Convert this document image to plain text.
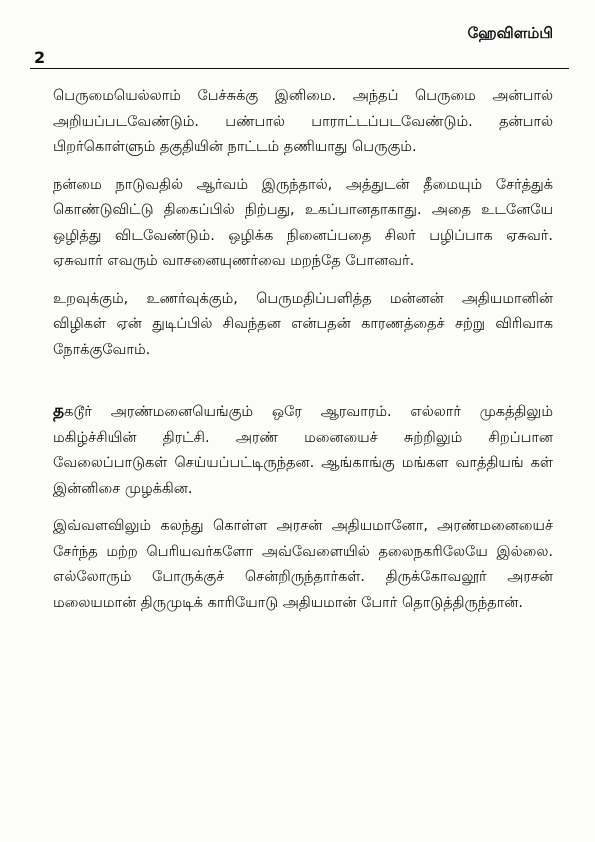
2
ஹேவிளம்பி

பெருமையெல்லாம் பேச்சுக்கு இனிமை. அந்தப் பெருமை அன்பால் அறியப்படவேண்டும். பண்பால் பாராட்டப்படவேண்டும். தன்பால் பிறர்கொள்ளும் தகுதியின் நாட்டம் தணியாது பெருகும்.

நன்மை நாடுவதில் ஆர்வம் இருந்தால், அத்துடன் தீமையும் சேர்த்துக் கொண்டுவிட்டு திகைப்பில் நிற்பது, உகப்பானதாகாது. அதை உடனேயே ஒழித்து விடவேண்டும். ஒழிக்க நினைப்பதை சிலர் பழிப்பாக ஏசுவர். ஏசுவார் எவரும் வாசனையுணர்வை மறந்தே போனவர்.

உறவுக்கும், உணர்வுக்கும், பெருமதிப்பளித்த மன்னன் அதியமானின் விழிகள் ஏன் துடிப்பில் சிவந்தன என்பதன் காரணத்தைச் சற்று விரிவாக நோக்குவோம்.

தகடூர் அரண்மனையெங்கும் ஒரே ஆரவாரம். எல்லார் முகத்திலும் மகிழ்ச்சியின் திரட்சி. அரண் மனையைச் சுற்றிலும் சிறப்பான வேலைப்பாடுகள் செய்யப்பட்டிருந்தன. ஆங்காங்கு மங்கள வாத்தியங் கள் இன்னிசை முழக்கின.

இவ்வளவிலும் கலந்து கொள்ள அரசன் அதியமானோ, அரண்மனையைச் சேர்ந்த மற்ற பெரியவர்களோ அவ்வேளையில் தலைநகரிலேயே இல்லை. எல்லோரும் போருக்குச் சென்றிருந்தார்கள். திருக்கோவலூர் அரசன் மலையமான் திருமுடிக் காரியோடு அதியமான் போர் தொடுத்திருந்தான்.
